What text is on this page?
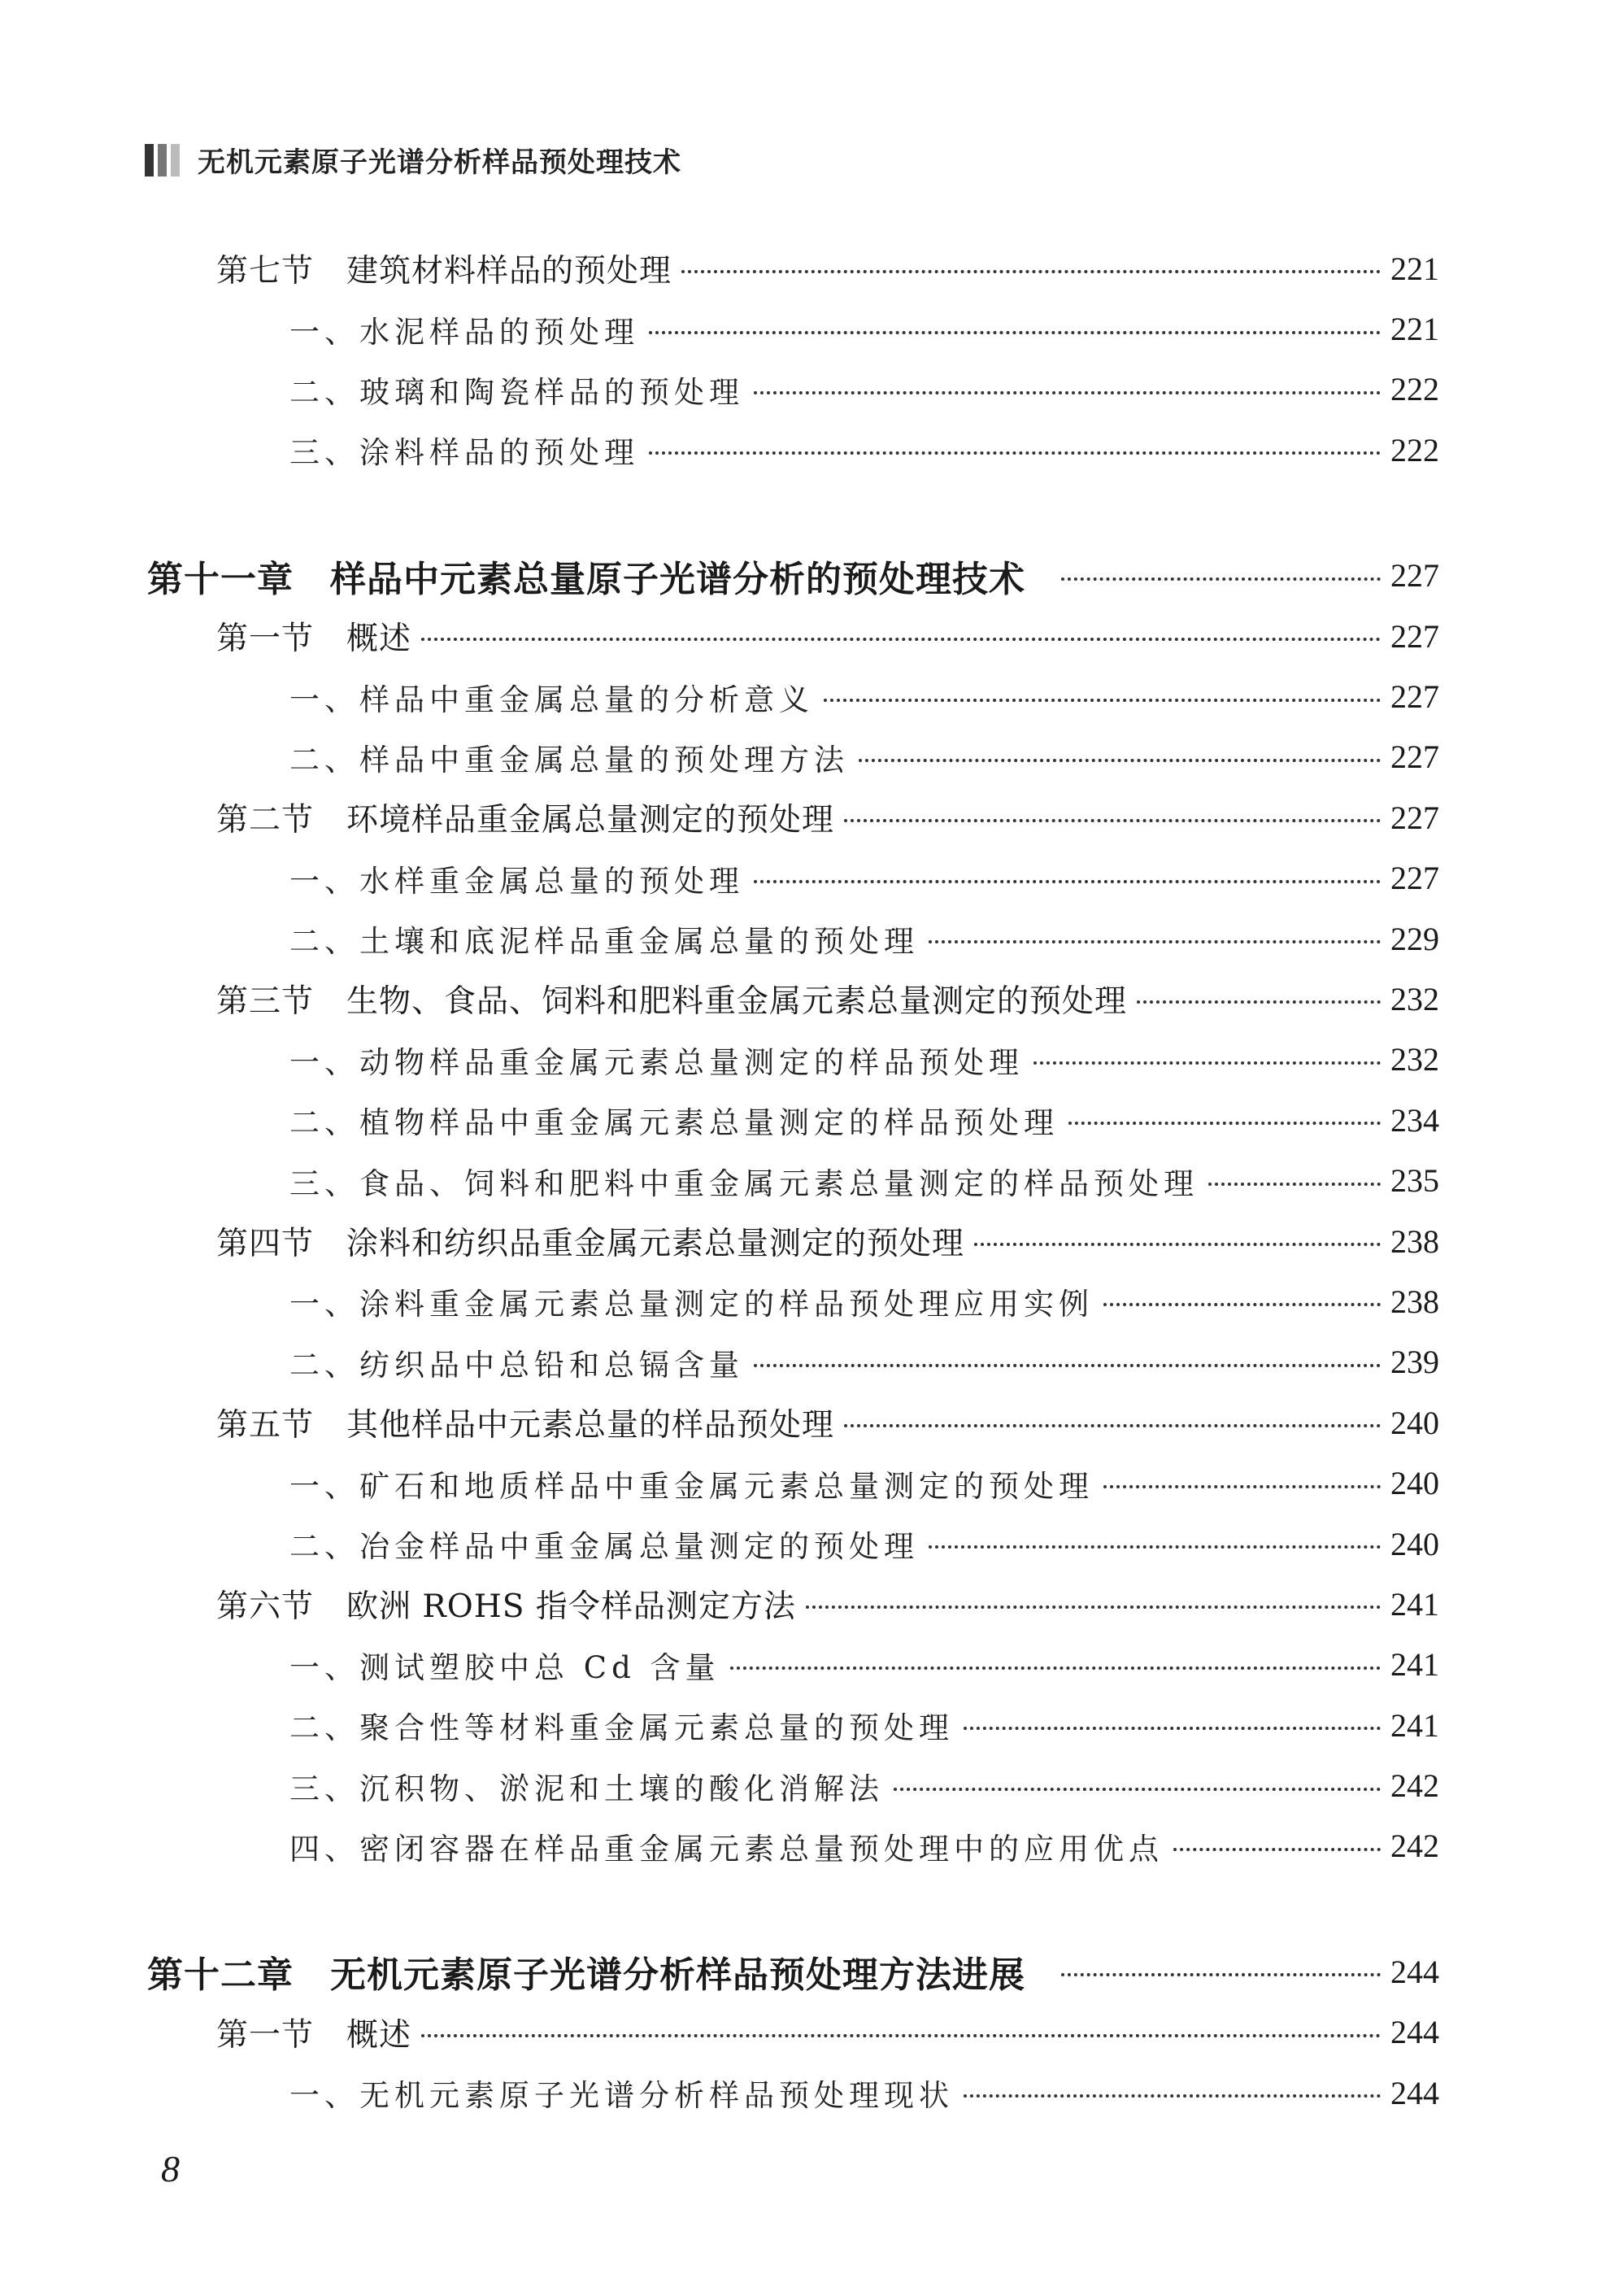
无机元素原子光谱分析样品预处理技术
第七节　建筑材料样品的预处理	221
一、水泥样品的预处理	221
二、玻璃和陶瓷样品的预处理	222
三、涂料样品的预处理	222
第十一章　样品中元素总量原子光谱分析的预处理技术	227
第一节　概述	227
一、样品中重金属总量的分析意义	227
二、样品中重金属总量的预处理方法	227
第二节　环境样品重金属总量测定的预处理	227
一、水样重金属总量的预处理	227
二、土壤和底泥样品重金属总量的预处理	229
第三节　生物、食品、饲料和肥料重金属元素总量测定的预处理	232
一、动物样品重金属元素总量测定的样品预处理	232
二、植物样品中重金属元素总量测定的样品预处理	234
三、食品、饲料和肥料中重金属元素总量测定的样品预处理	235
第四节　涂料和纺织品重金属元素总量测定的预处理	238
一、涂料重金属元素总量测定的样品预处理应用实例	238
二、纺织品中总铅和总镉含量	239
第五节　其他样品中元素总量的样品预处理	240
一、矿石和地质样品中重金属元素总量测定的预处理	240
二、冶金样品中重金属总量测定的预处理	240
第六节　欧洲 ROHS 指令样品测定方法	241
一、测试塑胶中总 Cd 含量	241
二、聚合性等材料重金属元素总量的预处理	241
三、沉积物、淤泥和土壤的酸化消解法	242
四、密闭容器在样品重金属元素总量预处理中的应用优点	242
第十二章　无机元素原子光谱分析样品预处理方法进展	244
第一节　概述	244
一、无机元素原子光谱分析样品预处理现状	244
8
